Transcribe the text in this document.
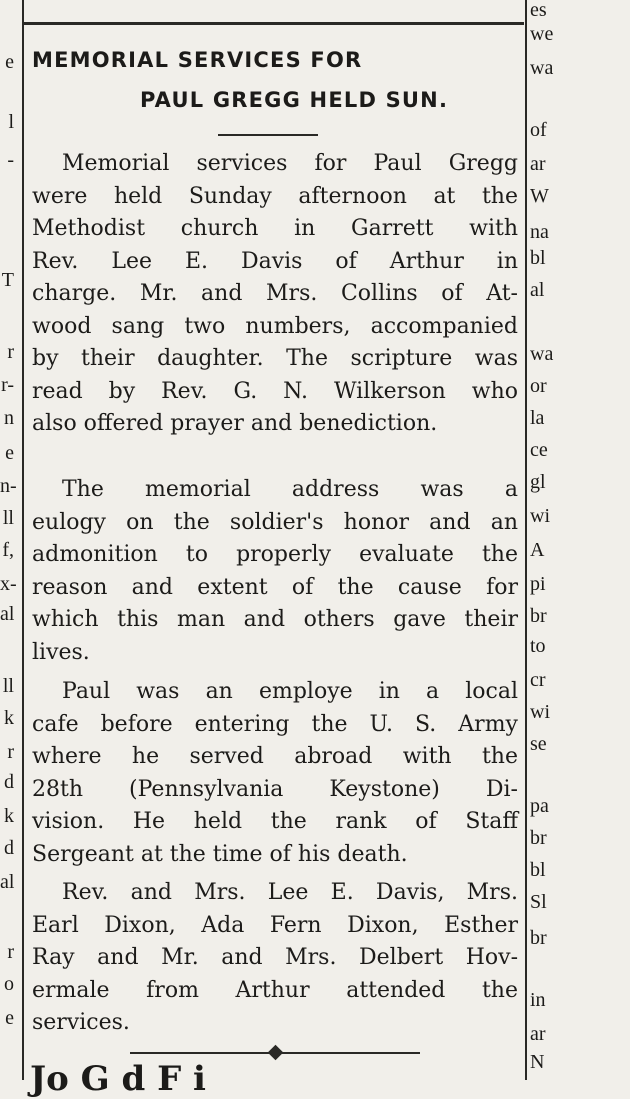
e
l
-
T
r
r-
n
e
n-
ll
f,
x-
al
ll
k
r
d
k
d
al
r
o
e
es
we
wa
of
ar
W
na
bl
al
wa
or
la
ce
gl
wi
A
pi
br
to
cr
wi
se
pa
br
bl
Sl
br
in
ar
N
MEMORIAL SERVICES FOR
PAUL GREGG HELD SUN.
Memorial services for Paul Gregg
were held Sunday afternoon at the
Methodist church in Garrett with
Rev. Lee E. Davis of Arthur in
charge. Mr. and Mrs. Collins of At-
wood sang two numbers, accompanied
by their daughter. The scripture was
read by Rev. G. N. Wilkerson who
also offered prayer and benediction.
The memorial address was a
eulogy on the soldier's honor and an
admonition to properly evaluate the
reason and extent of the cause for
which this man and others gave their
lives.
Paul was an employe in a local
cafe before entering the U. S. Army
where he served abroad with the
28th (Pennsylvania Keystone) Di-
vision. He held the rank of Staff
Sergeant at the time of his death.
Rev. and Mrs. Lee E. Davis, Mrs.
Earl Dixon, Ada Fern Dixon, Esther
Ray and Mr. and Mrs. Delbert Hov-
ermale from Arthur attended the
services.
Jo G d F i
